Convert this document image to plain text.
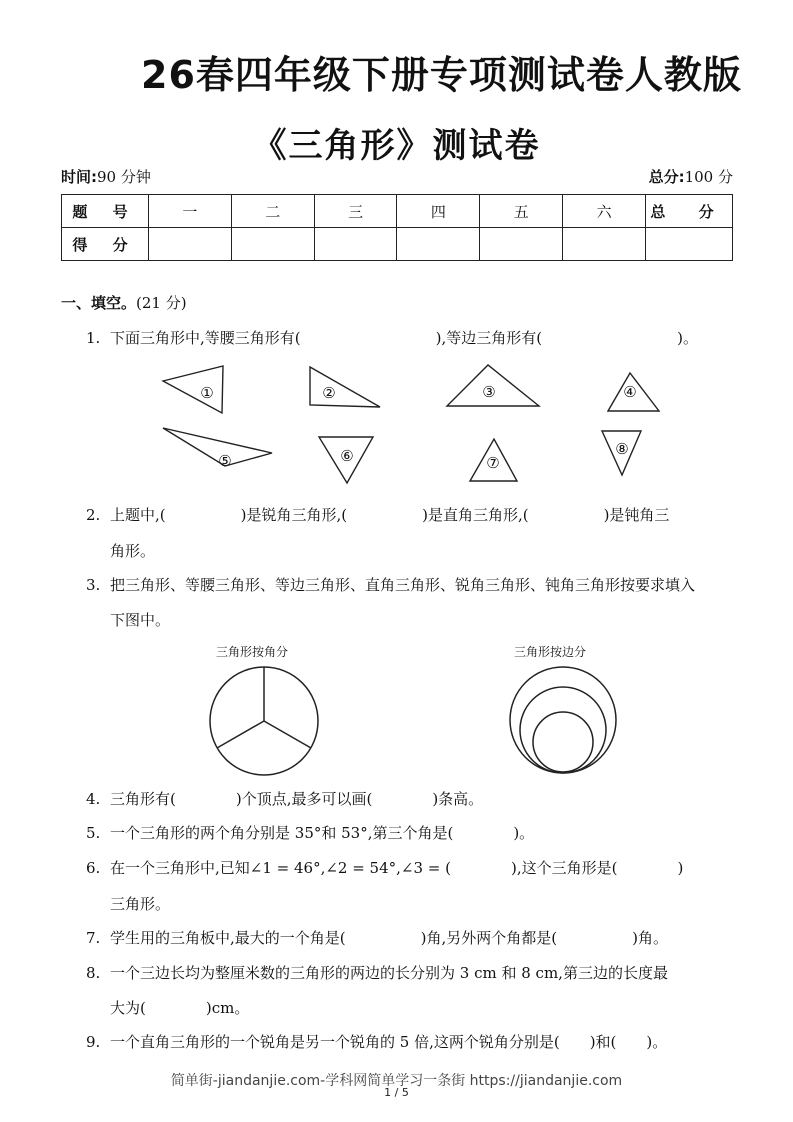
26春四年级下册专项测试卷人教版
《三角形》测试卷
时间:90 分钟	总分:100 分
题 号	一	二	三	四	五	六	总 分
得 分							
一、填空。(21 分)
1. 下面三角形中,等腰三角形有(　　　　　　　　　),等边三角形有(　　　　　　　　　)。
①	②	③	④
⑤	⑥	⑦
⑧
2. 上题中,(　　　　　)是锐角三角形,(　　　　　)是直角三角形,(　　　　　)是钝角三
角形。
3. 把三角形、等腰三角形、等边三角形、直角三角形、锐角三角形、钝角三角形按要求填入
下图中。
三角形按角分	三角形按边分
4. 三角形有(　　　　)个顶点,最多可以画(　　　　)条高。
5. 一个三角形的两个角分别是 35°和 53°,第三个角是(　　　　)。
6. 在一个三角形中,已知∠1 = 46°,∠2 = 54°,∠3 = (　　　　),这个三角形是(　　　　)
三角形。
7. 学生用的三角板中,最大的一个角是(　　　　　)角,另外两个角都是(　　　　　)角。
8. 一个三边长均为整厘米数的三角形的两边的长分别为 3 cm 和 8 cm,第三边的长度最
大为(　　　　)cm。
9. 一个直角三角形的一个锐角是另一个锐角的 5 倍,这两个锐角分别是(　　)和(　　)。
简单街-jiandanjie.com-学科网简单学习一条街 https://jiandanjie.com
1 / 5
